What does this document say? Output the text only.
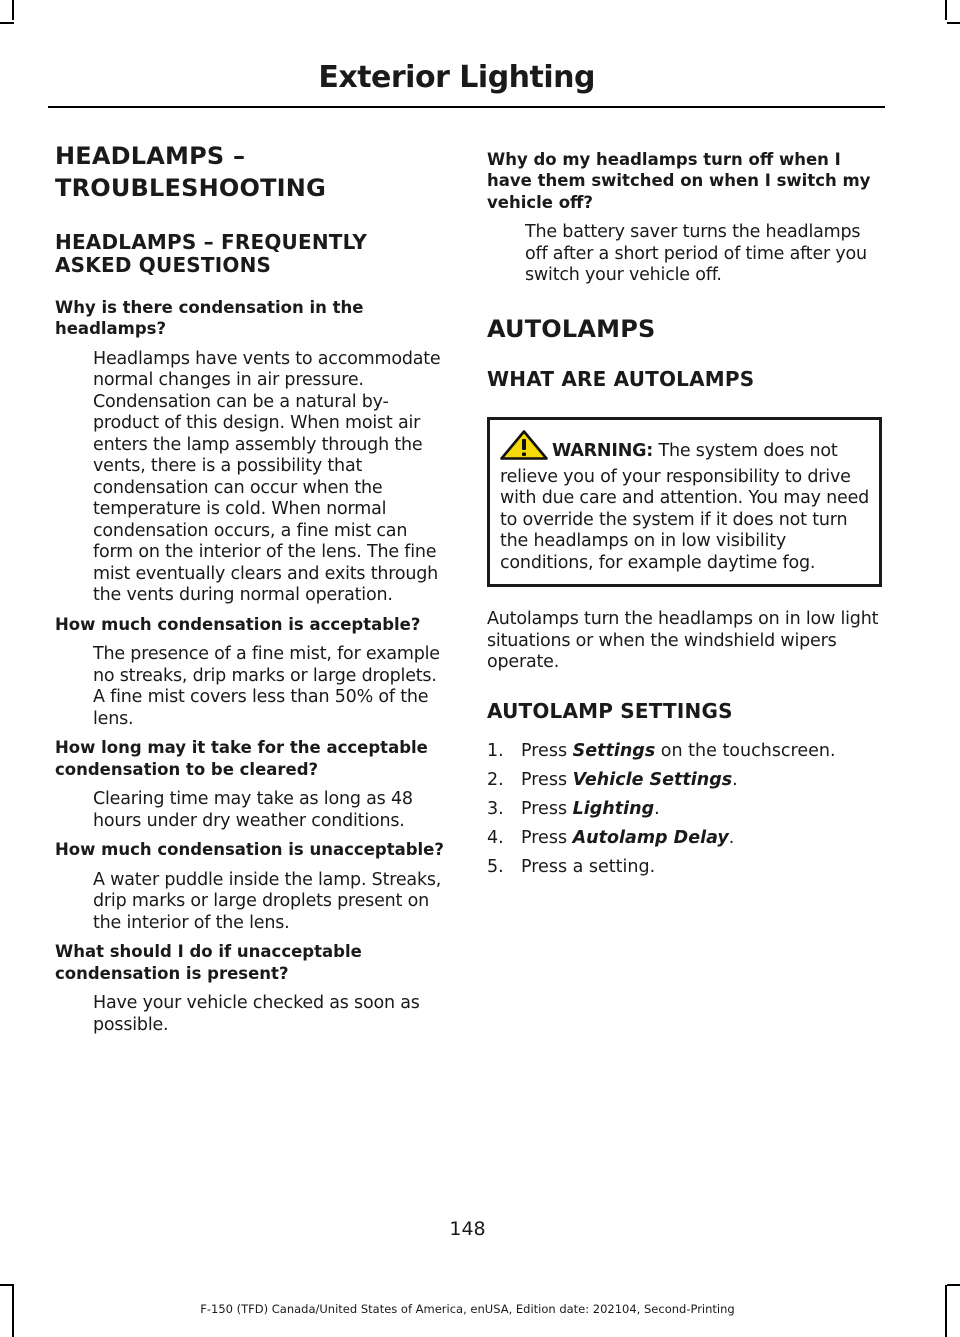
Exterior Lighting
HEADLAMPS –
TROUBLESHOOTING
HEADLAMPS – FREQUENTLY ASKED QUESTIONS

Why is there condensation in the headlamps?

Headlamps have vents to accommodate normal changes in air pressure. Condensation can be a natural by-product of this design. When moist air enters the lamp assembly through the vents, there is a possibility that condensation can occur when the temperature is cold. When normal condensation occurs, a fine mist can form on the interior of the lens. The fine mist eventually clears and exits through the vents during normal operation.

How much condensation is acceptable?

The presence of a fine mist, for example no streaks, drip marks or large droplets. A fine mist covers less than 50% of the lens.

How long may it take for the acceptable condensation to be cleared?

Clearing time may take as long as 48 hours under dry weather conditions.

How much condensation is unacceptable?

A water puddle inside the lamp. Streaks, drip marks or large droplets present on the interior of the lens.

What should I do if unacceptable condensation is present?

Have your vehicle checked as soon as possible.

Why do my headlamps turn off when I have them switched on when I switch my vehicle off?

The battery saver turns the headlamps off after a short period of time after you switch your vehicle off.

AUTOLAMPS
WHAT ARE AUTOLAMPS
WARNING: The system does not relieve you of your responsibility to drive with due care and attention. You may need to override the system if it does not turn the headlamps on in low visibility conditions, for example daytime fog.

Autolamps turn the headlamps on in low light situations or when the windshield wipers operate.

AUTOLAMP SETTINGS
1. Press Settings on the touchscreen.
2. Press Vehicle Settings.
3. Press Lighting.
4. Press Autolamp Delay.
5. Press a setting.
148
F-150 (TFD) Canada/United States of America, enUSA, Edition date: 202104, Second-Printing
